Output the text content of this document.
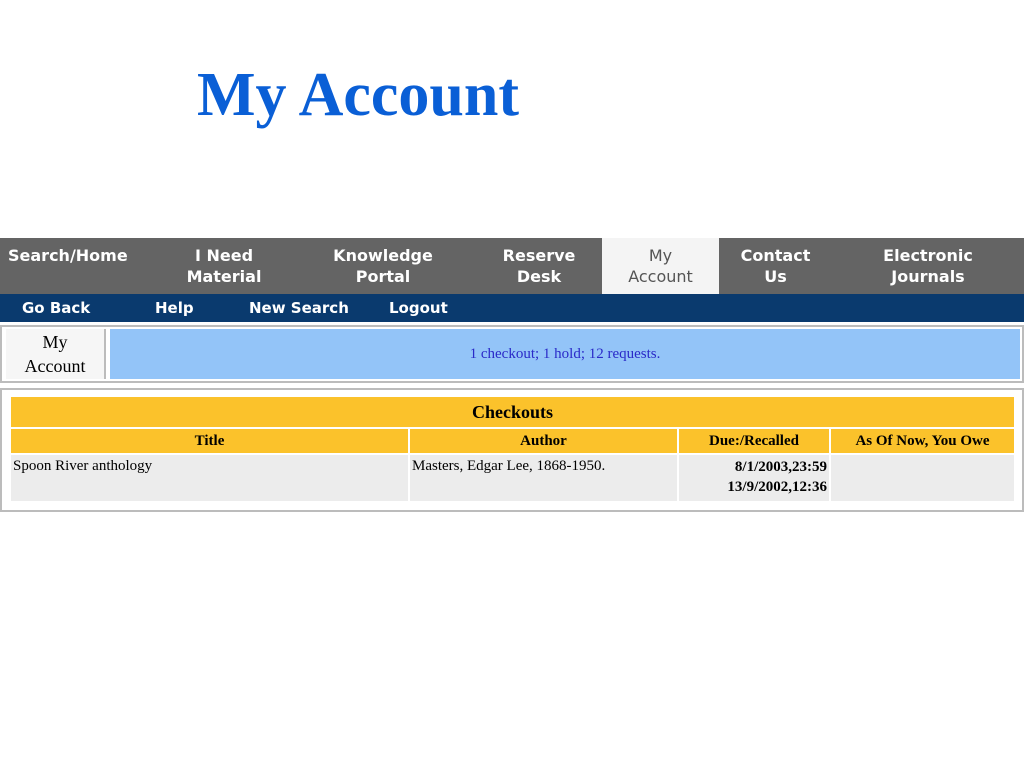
My Account
Search/Home	I Need
Material
Knowledge
Portal
Reserve
Desk
My
Account
Contact
Us
Electronic
Journals
Go Back	Help	New Search	Logout
My
Account
1 checkout; 1 hold; 12 requests.
Checkouts			
Title	Author	Due:/Recalled	As Of Now, You Owe
Spoon River anthology	Masters, Edgar Lee, 1868-1950.	8/1/2003,23:59
13/9/2002,12:36	
